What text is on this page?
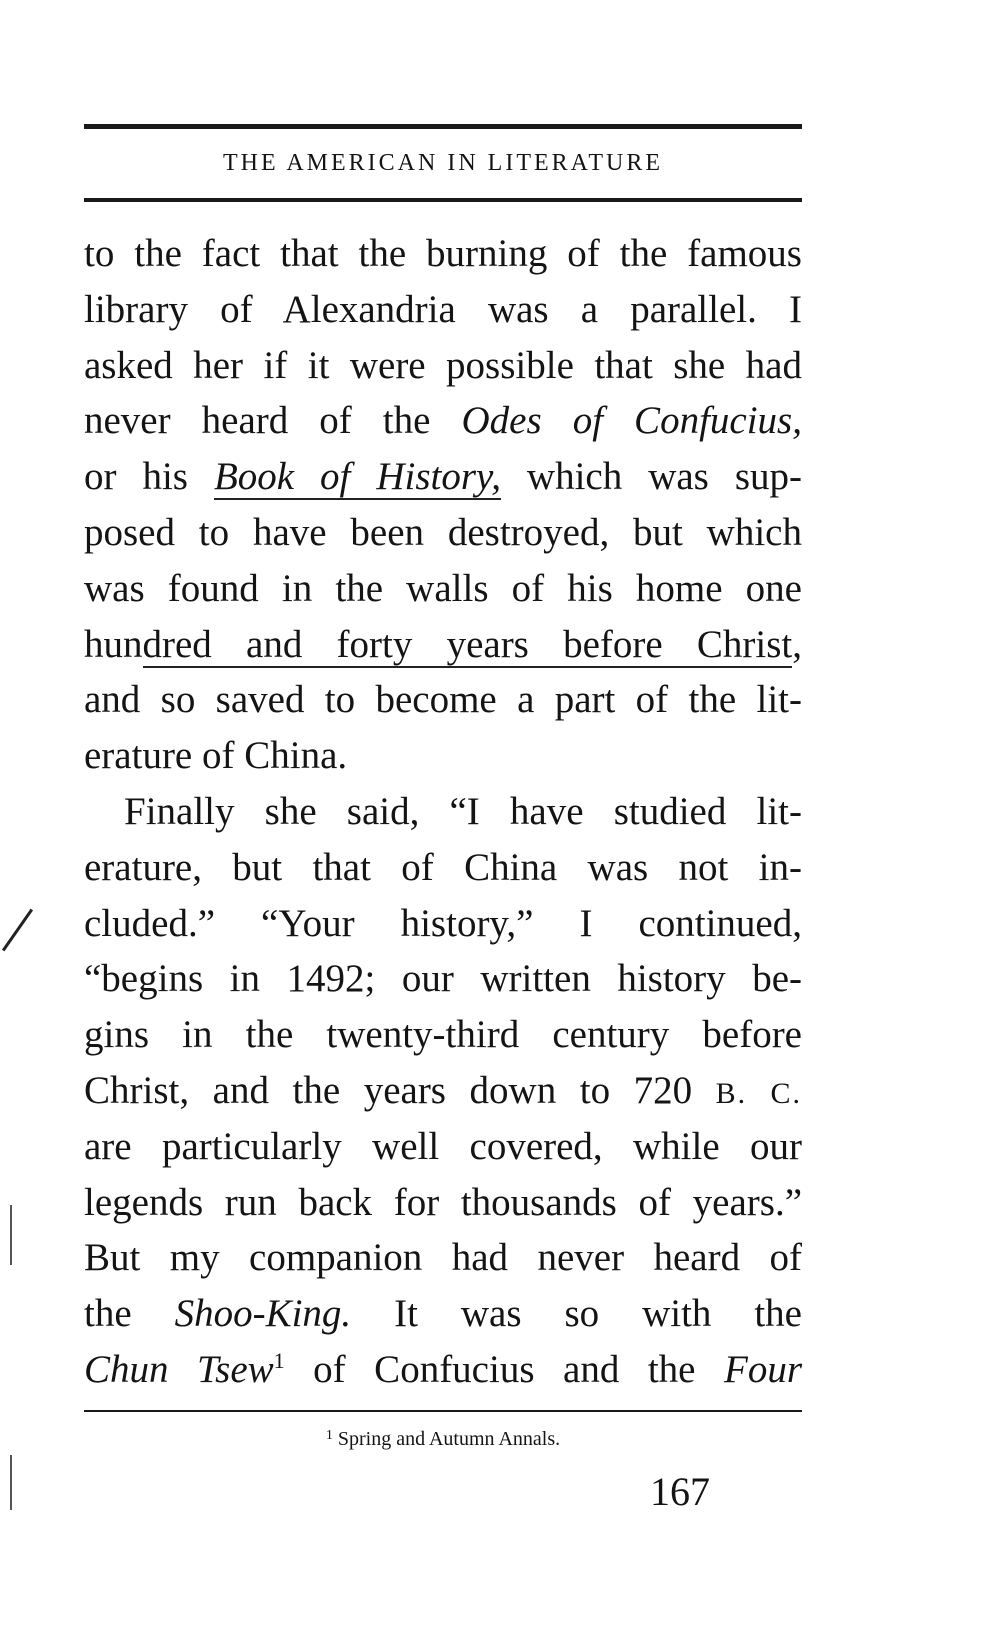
THE AMERICAN IN LITERATURE

to the fact that the burning of the famous
library of Alexandria was a parallel. I
asked her if it were possible that she had
never heard of the Odes of Confucius,
or his Book of History, which was sup-
posed to have been destroyed, but which
was found in the walls of his home one
hundred and forty years before Christ,
and so saved to become a part of the lit-
erature of China.
Finally she said, “I have studied lit-
erature, but that of China was not in-
cluded.” “Your history,” I continued,
“begins in 1492; our written history be-
gins in the twenty-third century before
Christ, and the years down to 720 B. C.
are particularly well covered, while our
legends run back for thousands of years.”
But my companion had never heard of
the Shoo-King. It was so with the
Chun Tsew$^1$ of Confucius and the Four

$^1$ Spring and Autumn Annals.

167
